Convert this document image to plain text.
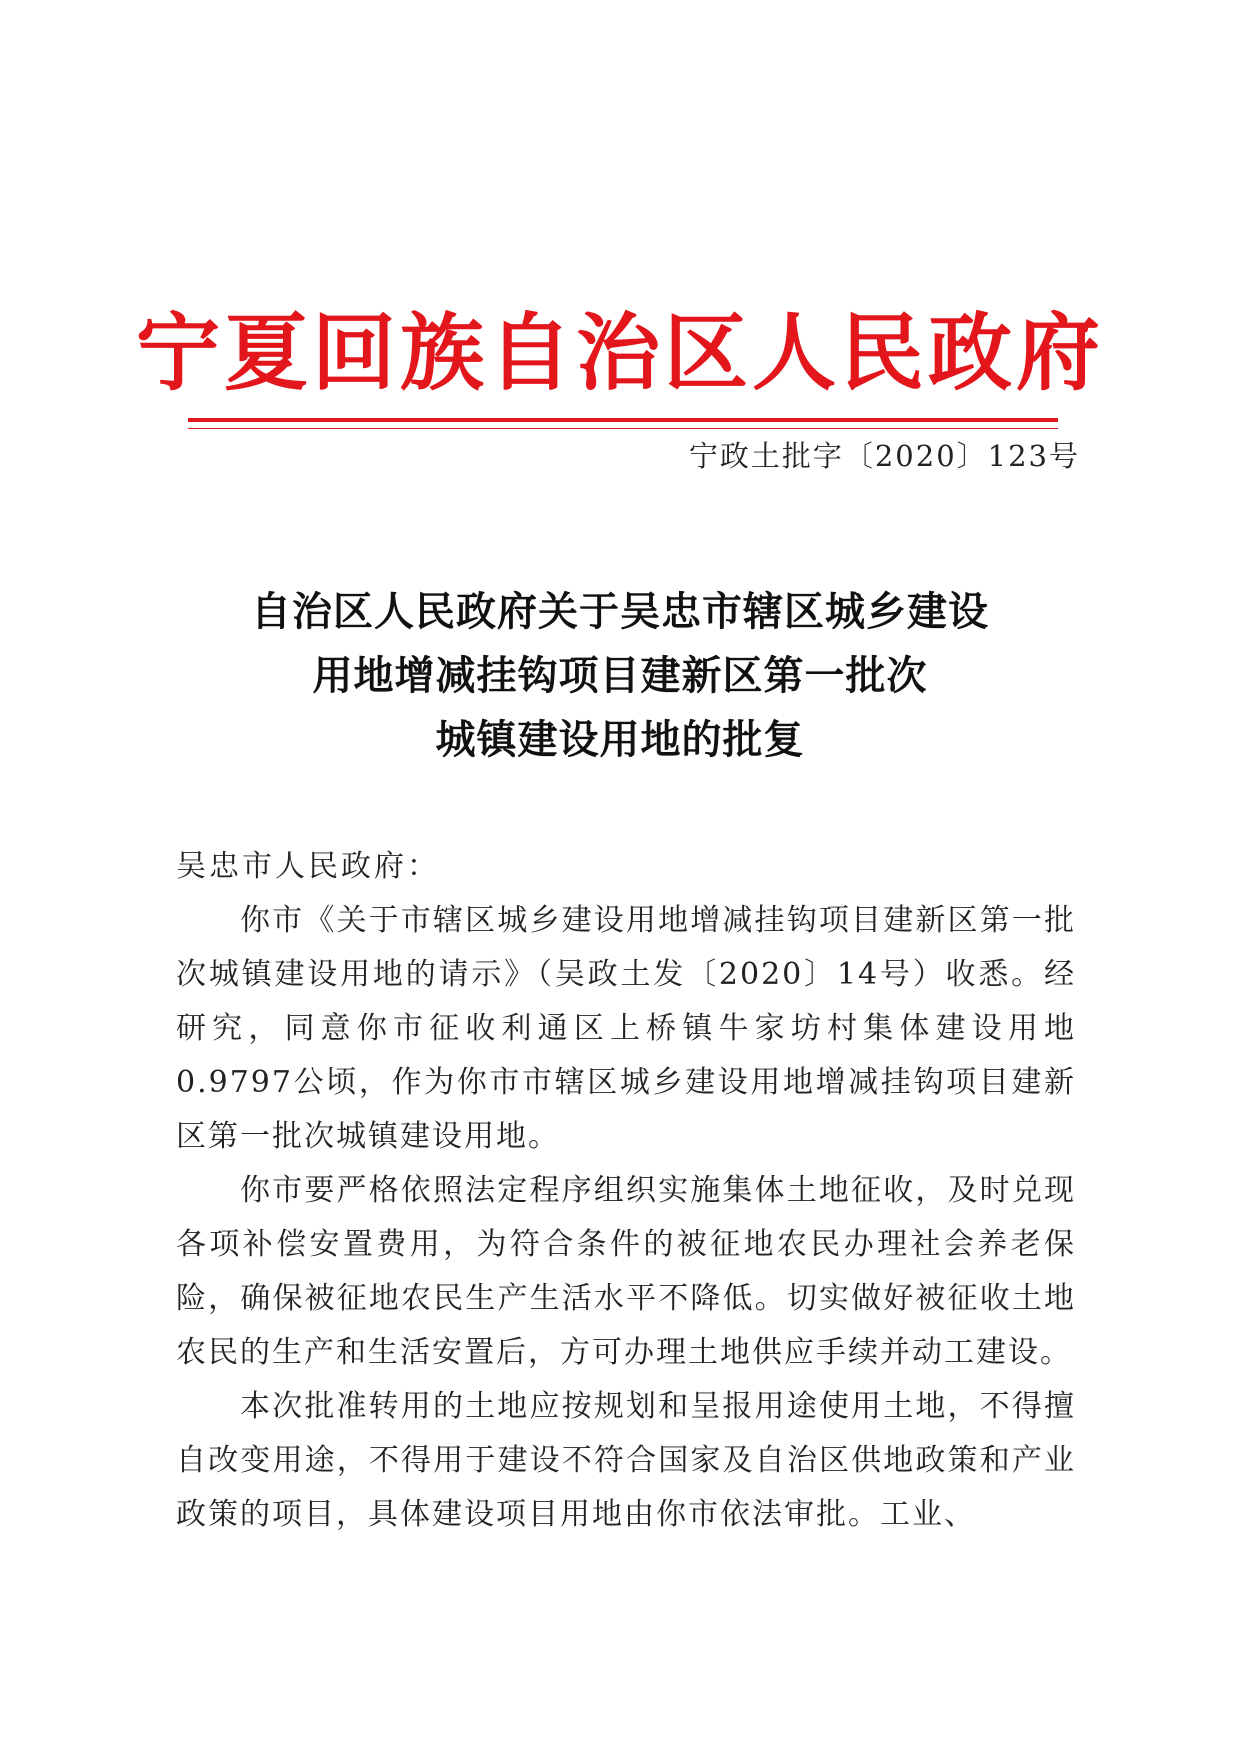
宁夏回族自治区人民政府
宁政土批字〔2020〕123号
自治区人民政府关于吴忠市辖区城乡建设
用地增减挂钩项目建新区第一批次
城镇建设用地的批复
吴忠市人民政府：

你市《关于市辖区城乡建设用地增减挂钩项目建新区第一批次城镇建设用地的请示》（吴政土发〔2020〕14号）收悉。经研究，同意你市征收利通区上桥镇牛家坊村集体建设用地0.9797公顷，作为你市市辖区城乡建设用地增减挂钩项目建新区第一批次城镇建设用地。

你市要严格依照法定程序组织实施集体土地征收，及时兑现各项补偿安置费用，为符合条件的被征地农民办理社会养老保险，确保被征地农民生产生活水平不降低。切实做好被征收土地农民的生产和生活安置后，方可办理土地供应手续并动工建设。

本次批准转用的土地应按规划和呈报用途使用土地，不得擅自改变用途，不得用于建设不符合国家及自治区供地政策和产业政策的项目，具体建设项目用地由你市依法审批。工业、
